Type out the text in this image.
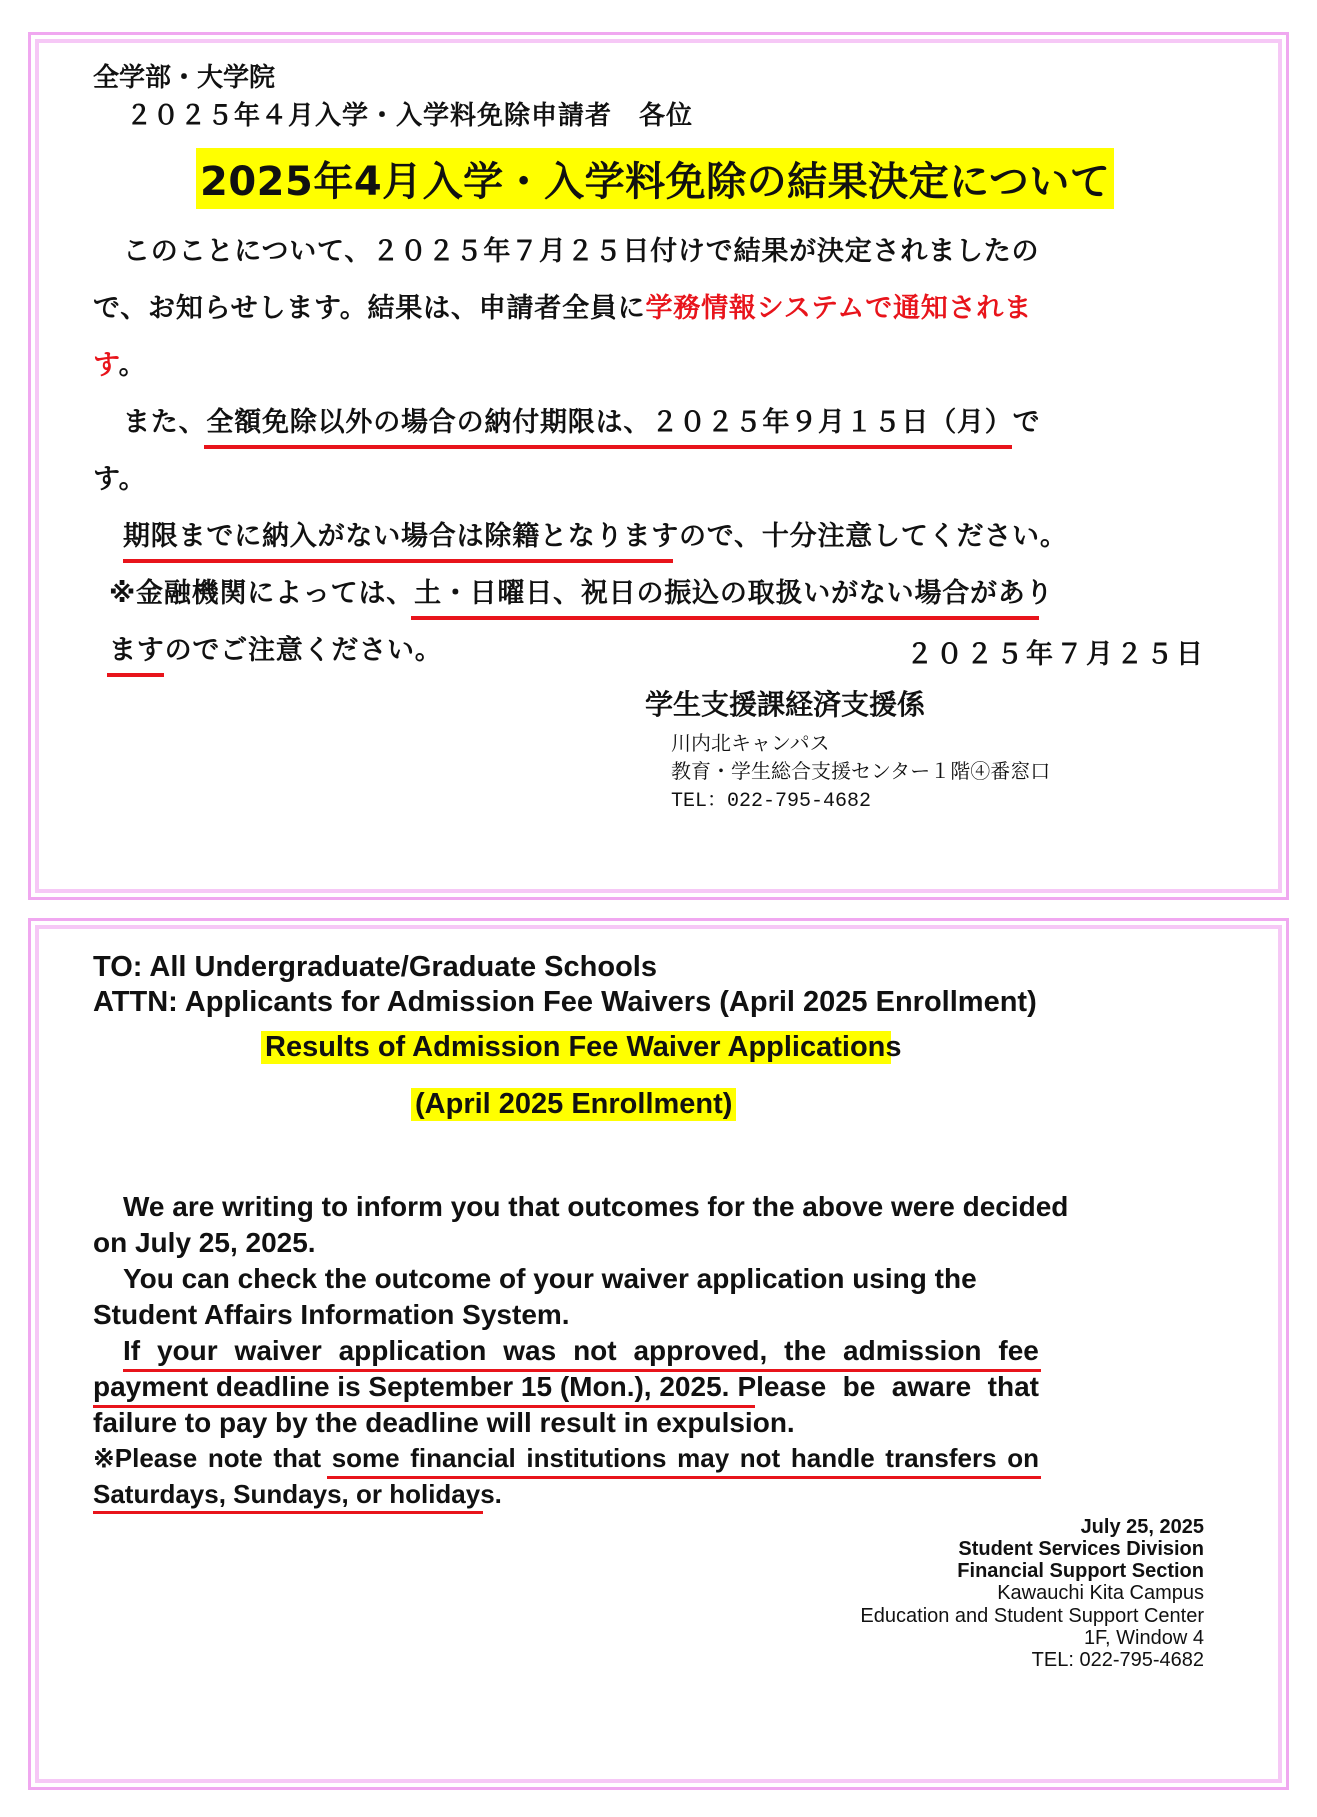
全学部・大学院
２０２５年４月入学・入学料免除申請者　各位
2025年4月入学・入学料免除の結果決定について
このことについて、２０２５年７月２５日付けで結果が決定されましたの
で、お知らせします。結果は、申請者全員に学務情報システムで通知されま
す。
また、全額免除以外の場合の納付期限は、２０２５年９月１５日（月）で
す。
期限までに納入がない場合は除籍となりますので、十分注意してください。
※金融機関によっては、土・日曜日、祝日の振込の取扱いがない場合があり
ますのでご注意ください。	２０２５年７月２５日
学生支援課経済支援係
川内北キャンパス
教育・学生総合支援センター１階④番窓口
TEL：022-795-4682
TO: All Undergraduate/Graduate Schools
ATTN: Applicants for Admission Fee Waivers (April 2025 Enrollment)
Results of Admission Fee Waiver Applications
(April 2025 Enrollment)
We are writing to inform you that outcomes for the above were decided
on July 25, 2025.
You can check the outcome of your waiver application using the
Student Affairs Information System.
If your waiver application was not approved, the admission fee
payment deadline is September 15 (Mon.), 2025. Please be aware that
failure to pay by the deadline will result in expulsion.
※Please note that some financial institutions may not handle transfers on
Saturdays, Sundays, or holidays.
July 25, 2025
Student Services Division
Financial Support Section
Kawauchi Kita Campus
Education and Student Support Center
1F, Window 4
TEL: 022-795-4682
